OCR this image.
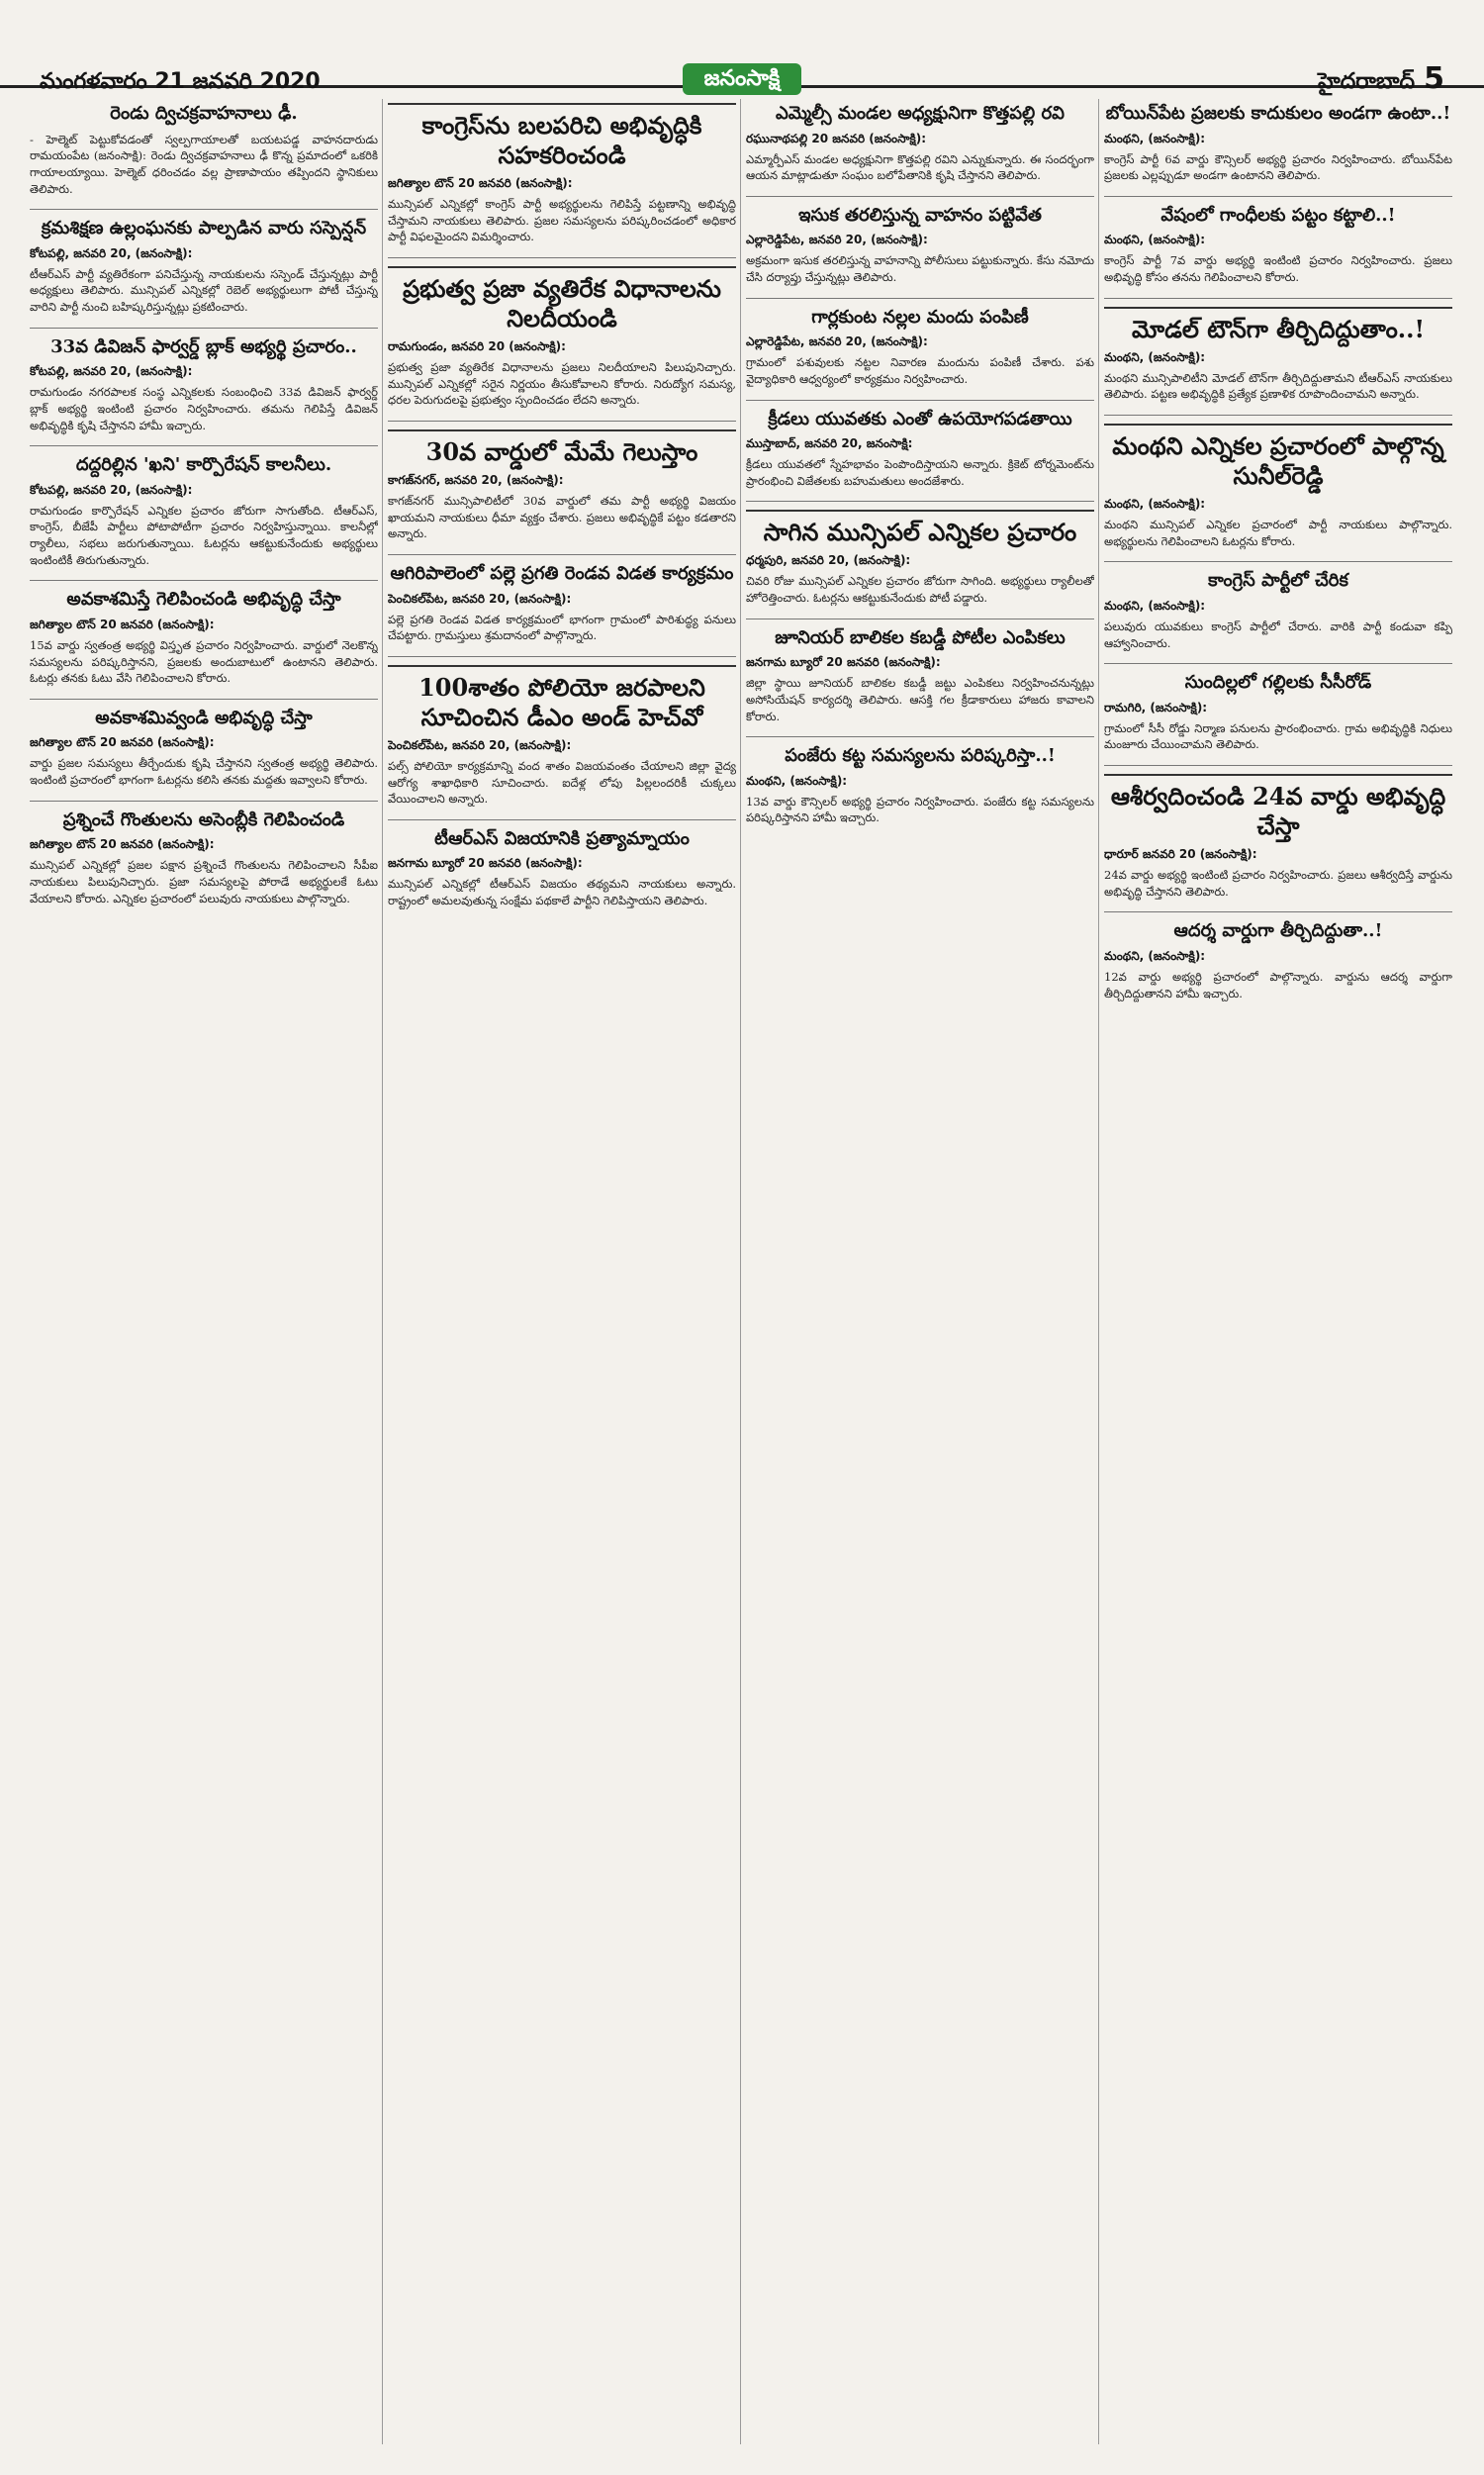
మంగళవారం 21 జనవరి 2020	జనంసాక్షి	హైదరాబాద్ 5
రెండు ద్విచక్రవాహనాలు ఢీ.
- హెల్మెట్ పెట్టుకోవడంతో స్వల్పగాయాలతో బయటపడ్డ వాహనదారుడు రామయంపేట (జనంసాక్షి): రెండు ద్విచక్రవాహనాలు ఢీ కొన్న ప్రమాదంలో ఒకరికి గాయాలయ్యాయి. హెల్మెట్ ధరించడం వల్ల ప్రాణాపాయం తప్పిందని స్థానికులు తెలిపారు.
క్రమశిక్షణ ఉల్లంఘనకు పాల్పడిన వారు సస్పెన్షన్
కోటపల్లి, జనవరి 20, (జనంసాక్షి):
టీఆర్ఎస్ పార్టీ వ్యతిరేకంగా పనిచేస్తున్న నాయకులను సస్పెండ్ చేస్తున్నట్లు పార్టీ అధ్యక్షులు తెలిపారు. మున్సిపల్ ఎన్నికల్లో రెబెల్ అభ్యర్థులుగా పోటీ చేస్తున్న వారిని పార్టీ నుంచి బహిష్కరిస్తున్నట్లు ప్రకటించారు.
33వ డివిజన్ ఫార్వర్డ్ బ్లాక్ అభ్యర్థి ప్రచారం..
కోటపల్లి, జనవరి 20, (జనంసాక్షి):
రామగుండం నగరపాలక సంస్థ ఎన్నికలకు సంబంధించి 33వ డివిజన్ ఫార్వర్డ్ బ్లాక్ అభ్యర్థి ఇంటింటి ప్రచారం నిర్వహించారు. తమను గెలిపిస్తే డివిజన్ అభివృద్ధికి కృషి చేస్తానని హామీ ఇచ్చారు.
దద్దరిల్లిన 'ఖని' కార్పొరేషన్ కాలనీలు.
కోటపల్లి, జనవరి 20, (జనంసాక్షి):
రామగుండం కార్పొరేషన్ ఎన్నికల ప్రచారం జోరుగా సాగుతోంది. టీఆర్ఎస్, కాంగ్రెస్, బీజేపీ పార్టీలు పోటాపోటీగా ప్రచారం నిర్వహిస్తున్నాయి. కాలనీల్లో ర్యాలీలు, సభలు జరుగుతున్నాయి. ఓటర్లను ఆకట్టుకునేందుకు అభ్యర్థులు ఇంటింటికీ తిరుగుతున్నారు.
అవకాశమిస్తే గెలిపించండి అభివృద్ధి చేస్తా
జగిత్యాల టౌన్ 20 జనవరి (జనంసాక్షి):
15వ వార్డు స్వతంత్ర అభ్యర్థి విస్తృత ప్రచారం నిర్వహించారు. వార్డులో నెలకొన్న సమస్యలను పరిష్కరిస్తానని, ప్రజలకు అందుబాటులో ఉంటానని తెలిపారు. ఓటర్లు తనకు ఓటు వేసి గెలిపించాలని కోరారు.
అవకాశమివ్వండి అభివృద్ధి చేస్తా
జగిత్యాల టౌన్ 20 జనవరి (జనంసాక్షి):
వార్డు ప్రజల సమస్యలు తీర్చేందుకు కృషి చేస్తానని స్వతంత్ర అభ్యర్థి తెలిపారు. ఇంటింటి ప్రచారంలో భాగంగా ఓటర్లను కలిసి తనకు మద్దతు ఇవ్వాలని కోరారు.
ప్రశ్నించే గొంతులను అసెంబ్లీకి గెలిపించండి
జగిత్యాల టౌన్ 20 జనవరి (జనంసాక్షి):
మున్సిపల్ ఎన్నికల్లో ప్రజల పక్షాన ప్రశ్నించే గొంతులను గెలిపించాలని సీపీఐ నాయకులు పిలుపునిచ్చారు. ప్రజా సమస్యలపై పోరాడే అభ్యర్థులకే ఓటు వేయాలని కోరారు. ఎన్నికల ప్రచారంలో పలువురు నాయకులు పాల్గొన్నారు.
కాంగ్రెస్‌ను బలపరిచి అభివృద్ధికి సహకరించండి
జగిత్యాల టౌన్ 20 జనవరి (జనంసాక్షి):
మున్సిపల్ ఎన్నికల్లో కాంగ్రెస్ పార్టీ అభ్యర్థులను గెలిపిస్తే పట్టణాన్ని అభివృద్ధి చేస్తామని నాయకులు తెలిపారు. ప్రజల సమస్యలను పరిష్కరించడంలో అధికార పార్టీ విఫలమైందని విమర్శించారు.
ప్రభుత్వ ప్రజా వ్యతిరేక విధానాలను నిలదీయండి
రామగుండం, జనవరి 20 (జనంసాక్షి):
ప్రభుత్వ ప్రజా వ్యతిరేక విధానాలను ప్రజలు నిలదీయాలని పిలుపునిచ్చారు. మున్సిపల్ ఎన్నికల్లో సరైన నిర్ణయం తీసుకోవాలని కోరారు. నిరుద్యోగ సమస్య, ధరల పెరుగుదలపై ప్రభుత్వం స్పందించడం లేదని అన్నారు.
30వ వార్డులో మేమే గెలుస్తాం
కాగజ్‌నగర్, జనవరి 20, (జనంసాక్షి):
కాగజ్‌నగర్ మున్సిపాలిటీలో 30వ వార్డులో తమ పార్టీ అభ్యర్థి విజయం ఖాయమని నాయకులు ధీమా వ్యక్తం చేశారు. ప్రజలు అభివృద్ధికే పట్టం కడతారని అన్నారు.
ఆగిరిపాలెంలో పల్లె ప్రగతి రెండవ విడత కార్యక్రమం
పెంచికల్‌పేట, జనవరి 20, (జనంసాక్షి):
పల్లె ప్రగతి రెండవ విడత కార్యక్రమంలో భాగంగా గ్రామంలో పారిశుద్ధ్య పనులు చేపట్టారు. గ్రామస్తులు శ్రమదానంలో పాల్గొన్నారు.
100శాతం పోలియో జరపాలని సూచించిన డీఎం అండ్ హెచ్‌వో
పెంచికల్‌పేట, జనవరి 20, (జనంసాక్షి):
పల్స్ పోలియో కార్యక్రమాన్ని వంద శాతం విజయవంతం చేయాలని జిల్లా వైద్య ఆరోగ్య శాఖాధికారి సూచించారు. ఐదేళ్ల లోపు పిల్లలందరికీ చుక్కలు వేయించాలని అన్నారు.
టీఆర్ఎస్‌ విజయానికి ప్రత్యామ్నాయం
జనగామ బ్యూరో 20 జనవరి (జనంసాక్షి):
మున్సిపల్ ఎన్నికల్లో టీఆర్ఎస్ విజయం తథ్యమని నాయకులు అన్నారు. రాష్ట్రంలో అమలవుతున్న సంక్షేమ పథకాలే పార్టీని గెలిపిస్తాయని తెలిపారు.
ఎమ్మెల్సీ మండల అధ్యక్షునిగా కొత్తపల్లి రవి
రఘునాథపల్లి 20 జనవరి (జనంసాక్షి):
ఎమ్మార్పీఎస్ మండల అధ్యక్షునిగా కొత్తపల్లి రవిని ఎన్నుకున్నారు. ఈ సందర్భంగా ఆయన మాట్లాడుతూ సంఘం బలోపేతానికి కృషి చేస్తానని తెలిపారు.
ఇసుక తరలిస్తున్న వాహనం పట్టివేత
ఎల్లారెడ్డిపేట, జనవరి 20, (జనంసాక్షి):
అక్రమంగా ఇసుక తరలిస్తున్న వాహనాన్ని పోలీసులు పట్టుకున్నారు. కేసు నమోదు చేసి దర్యాప్తు చేస్తున్నట్లు తెలిపారు.
గార్లకుంట నల్లల మందు పంపిణీ
ఎల్లారెడ్డిపేట, జనవరి 20, (జనంసాక్షి):
గ్రామంలో పశువులకు నట్టల నివారణ మందును పంపిణీ చేశారు. పశు వైద్యాధికారి ఆధ్వర్యంలో కార్యక్రమం నిర్వహించారు.
క్రీడలు యువతకు ఎంతో ఉపయోగపడతాయి
ముస్తాబాద్, జనవరి 20, జనంసాక్షి:
క్రీడలు యువతలో స్నేహభావం పెంపొందిస్తాయని అన్నారు. క్రికెట్ టోర్నమెంట్‌ను ప్రారంభించి విజేతలకు బహుమతులు అందజేశారు.
సాగిన మున్సిపల్ ఎన్నికల ప్రచారం
ధర్మపురి, జనవరి 20, (జనంసాక్షి):
చివరి రోజు మున్సిపల్ ఎన్నికల ప్రచారం జోరుగా సాగింది. అభ్యర్థులు ర్యాలీలతో హోరెత్తించారు. ఓటర్లను ఆకట్టుకునేందుకు పోటీ పడ్డారు.
జూనియర్ బాలికల కబడ్డీ పోటీల ఎంపికలు
జనగామ బ్యూరో 20 జనవరి (జనంసాక్షి):
జిల్లా స్థాయి జూనియర్ బాలికల కబడ్డీ జట్టు ఎంపికలు నిర్వహించనున్నట్లు అసోసియేషన్ కార్యదర్శి తెలిపారు. ఆసక్తి గల క్రీడాకారులు హాజరు కావాలని కోరారు.
పంజేరు కట్ట సమస్యలను పరిష్కరిస్తా..!
మంథని, (జనంసాక్షి):
13వ వార్డు కౌన్సిలర్ అభ్యర్థి ప్రచారం నిర్వహించారు. పంజేరు కట్ట సమస్యలను పరిష్కరిస్తానని హామీ ఇచ్చారు.
బోయిన్‌పేట ప్రజలకు కాదుకులం అండగా ఉంటా..!
మంథని, (జనంసాక్షి):
కాంగ్రెస్ పార్టీ 6వ వార్డు కౌన్సిలర్ అభ్యర్థి ప్రచారం నిర్వహించారు. బోయిన్‌పేట ప్రజలకు ఎల్లప్పుడూ అండగా ఉంటానని తెలిపారు.
వేషంలో గాంధీలకు పట్టం కట్టాలి..!
మంథని, (జనంసాక్షి):
కాంగ్రెస్ పార్టీ 7వ వార్డు అభ్యర్థి ఇంటింటి ప్రచారం నిర్వహించారు. ప్రజలు అభివృద్ధి కోసం తనను గెలిపించాలని కోరారు.
మోడల్ టౌన్‌గా తీర్చిదిద్దుతాం..!
మంథని, (జనంసాక్షి):
మంథని మున్సిపాలిటీని మోడల్ టౌన్‌గా తీర్చిదిద్దుతామని టీఆర్ఎస్ నాయకులు తెలిపారు. పట్టణ అభివృద్ధికి ప్రత్యేక ప్రణాళిక రూపొందించామని అన్నారు.
మంథని ఎన్నికల ప్రచారంలో పాల్గొన్న సునీల్‌రెడ్డి
మంథని, (జనంసాక్షి):
మంథని మున్సిపల్ ఎన్నికల ప్రచారంలో పార్టీ నాయకులు పాల్గొన్నారు. అభ్యర్థులను గెలిపించాలని ఓటర్లను కోరారు.
కాంగ్రెస్ పార్టీలో చేరిక
మంథని, (జనంసాక్షి):
పలువురు యువకులు కాంగ్రెస్ పార్టీలో చేరారు. వారికి పార్టీ కండువా కప్పి ఆహ్వానించారు.
సుందిల్లలో గల్లిలకు సీసీరోడ్
రామగిరి, (జనంసాక్షి):
గ్రామంలో సీసీ రోడ్డు నిర్మాణ పనులను ప్రారంభించారు. గ్రామ అభివృద్ధికి నిధులు మంజూరు చేయించామని తెలిపారు.
ఆశీర్వదించండి 24వ వార్డు అభివృద్ధి చేస్తా
ధారూర్ జనవరి 20 (జనంసాక్షి):
24వ వార్డు అభ్యర్థి ఇంటింటి ప్రచారం నిర్వహించారు. ప్రజలు ఆశీర్వదిస్తే వార్డును అభివృద్ధి చేస్తానని తెలిపారు.
ఆదర్శ వార్డుగా తీర్చిదిద్దుతా..!
మంథని, (జనంసాక్షి):
12వ వార్డు అభ్యర్థి ప్రచారంలో పాల్గొన్నారు. వార్డును ఆదర్శ వార్డుగా తీర్చిదిద్దుతానని హామీ ఇచ్చారు.
